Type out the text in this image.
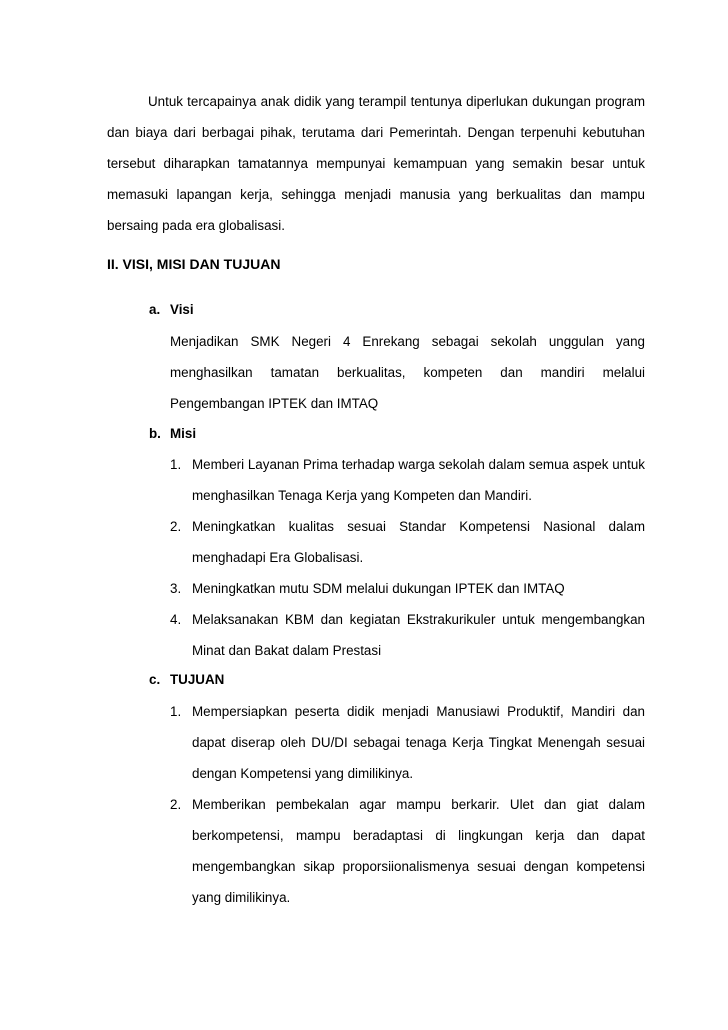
Untuk tercapainya anak didik yang terampil tentunya diperlukan dukungan program dan biaya dari berbagai pihak, terutama dari Pemerintah. Dengan terpenuhi kebutuhan tersebut diharapkan tamatannya mempunyai kemampuan yang semakin besar untuk memasuki lapangan kerja, sehingga menjadi manusia yang berkualitas dan mampu bersaing pada era globalisasi.

II. VISI, MISI DAN TUJUAN
a. Visi

Menjadikan SMK Negeri 4 Enrekang sebagai sekolah unggulan yang menghasilkan tamatan berkualitas, kompeten dan mandiri melalui Pengembangan IPTEK dan IMTAQ

b. Misi
1. Memberi Layanan Prima terhadap warga sekolah dalam semua aspek untuk menghasilkan Tenaga Kerja yang Kompeten dan Mandiri.

2. Meningkatkan kualitas sesuai Standar Kompetensi Nasional dalam menghadapi Era Globalisasi.

3. Meningkatkan mutu SDM melalui dukungan IPTEK dan IMTAQ

4. Melaksanakan KBM dan kegiatan Ekstrakurikuler untuk mengembangkan Minat dan Bakat dalam Prestasi

c. TUJUAN
1. Mempersiapkan peserta didik menjadi Manusiawi Produktif, Mandiri dan dapat diserap oleh DU/DI sebagai tenaga Kerja Tingkat Menengah sesuai dengan Kompetensi yang dimilikinya.

2. Memberikan pembekalan agar mampu berkarir. Ulet dan giat dalam berkompetensi, mampu beradaptasi di lingkungan kerja dan dapat mengembangkan sikap proporsiionalismenya sesuai dengan kompetensi yang dimilikinya.
